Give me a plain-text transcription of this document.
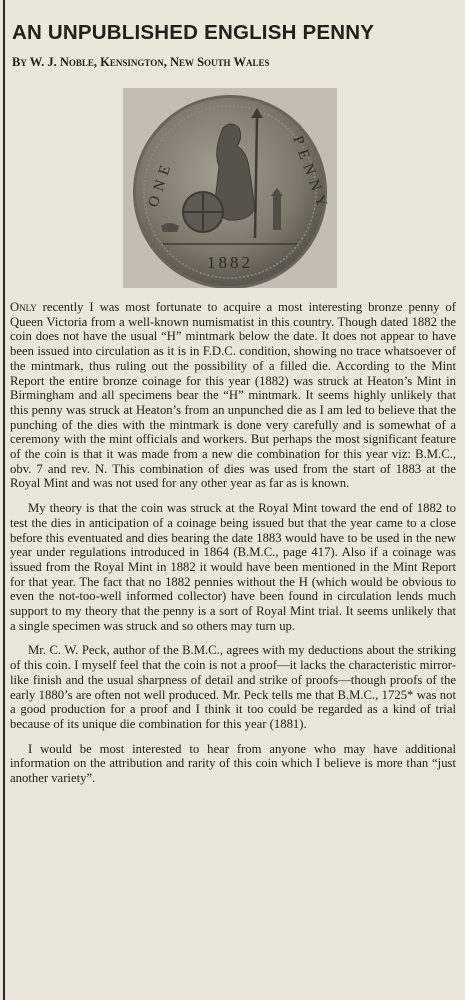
AN UNPUBLISHED ENGLISH PENNY
By W. J. Noble, Kensington, New South Wales
ONE	PENNY
1882

Only recently I was most fortunate to acquire a most interesting bronze penny of Queen Victoria from a well-known numismatist in this country. Though dated 1882 the coin does not have the usual “H” mintmark below the date. It does not appear to have been issued into circulation as it is in F.D.C. condition, showing no trace whatsoever of the mintmark, thus ruling out the possibility of a filled die. According to the Mint Report the entire bronze coinage for this year (1882) was struck at Heaton’s Mint in Birmingham and all specimens bear the “H” mintmark. It seems highly unlikely that this penny was struck at Heaton’s from an unpunched die as I am led to believe that the punching of the dies with the mintmark is done very carefully and is somewhat of a ceremony with the mint officials and workers. But perhaps the most significant feature of the coin is that it was made from a new die combination for this year viz: B.M.C., obv. 7 and rev. N. This combination of dies was used from the start of 1883 at the Royal Mint and was not used for any other year as far as is known.

My theory is that the coin was struck at the Royal Mint toward the end of 1882 to test the dies in anticipation of a coinage being issued but that the year came to a close before this eventuated and dies bearing the date 1883 would have to be used in the new year under regulations introduced in 1864 (B.M.C., page 417). Also if a coinage was issued from the Royal Mint in 1882 it would have been mentioned in the Mint Report for that year. The fact that no 1882 pennies without the H (which would be obvious to even the not-too-well informed collector) have been found in circulation lends much support to my theory that the penny is a sort of Royal Mint trial. It seems unlikely that a single specimen was struck and so others may turn up.

Mr. C. W. Peck, author of the B.M.C., agrees with my deductions about the striking of this coin. I myself feel that the coin is not a proof—it lacks the characteristic mirror-like finish and the usual sharpness of detail and strike of proofs—though proofs of the early 1880’s are often not well produced. Mr. Peck tells me that B.M.C., 1725* was not a good production for a proof and I think it too could be regarded as a kind of trial because of its unique die combination for this year (1881).

I would be most interested to hear from anyone who may have additional information on the attribution and rarity of this coin which I believe is more than “just another variety”.
